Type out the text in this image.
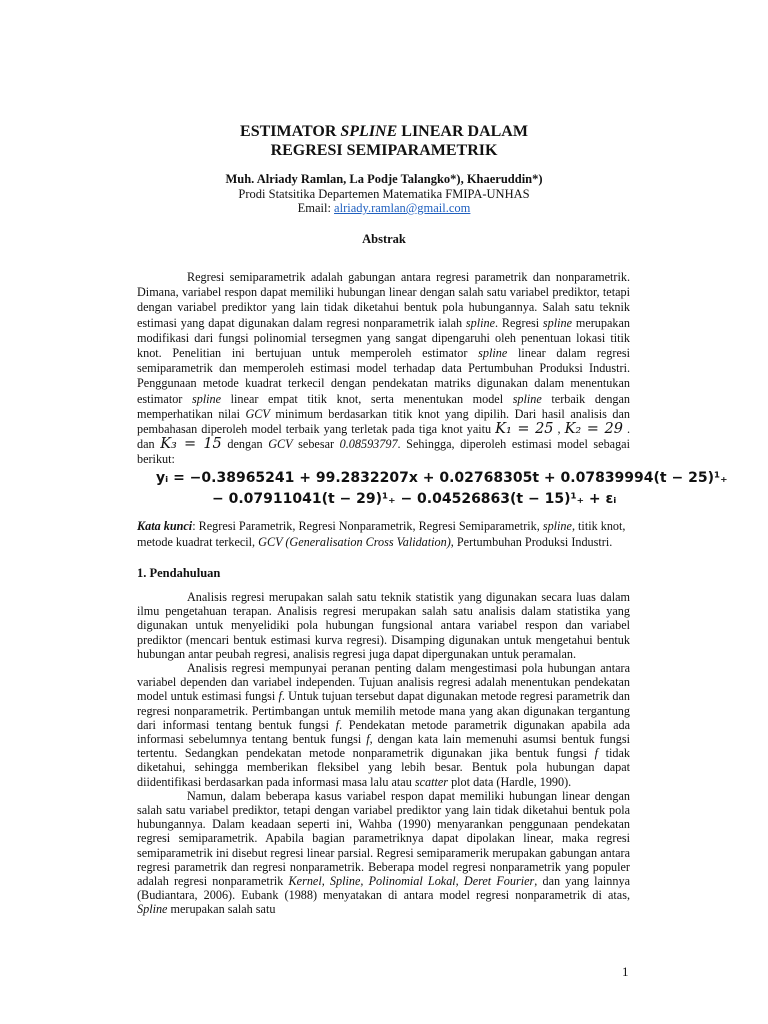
ESTIMATOR SPLINE LINEAR DALAM
REGRESI SEMIPARAMETRIK
Muh. Alriady Ramlan, La Podje Talangko*), Khaeruddin*)
Prodi Statsitika Departemen Matematika FMIPA-UNHAS
Email: alriady.ramlan@gmail.com
Abstrak

Regresi semiparametrik adalah gabungan antara regresi parametrik dan nonparametrik. Dimana, variabel respon dapat memiliki hubungan linear dengan salah satu variabel prediktor, tetapi dengan variabel prediktor yang lain tidak diketahui bentuk pola hubungannya. Salah satu teknik estimasi yang dapat digunakan dalam regresi nonparametrik ialah spline. Regresi spline merupakan modifikasi dari fungsi polinomial tersegmen yang sangat dipengaruhi oleh penentuan lokasi titik knot. Penelitian ini bertujuan untuk memperoleh estimator spline linear dalam regresi semiparametrik dan memperoleh estimasi model terhadap data Pertumbuhan Produksi Industri. Penggunaan metode kuadrat terkecil dengan pendekatan matriks digunakan dalam menentukan estimator spline linear empat titik knot, serta menentukan model spline terbaik dengan memperhatikan nilai GCV minimum berdasarkan titik knot yang dipilih. Dari hasil analisis dan pembahasan diperoleh model terbaik yang terletak pada tiga knot yaitu K₁ = 25 , K₂ = 29 . dan K₃ = 15 dengan GCV sebesar 0.08593797. Sehingga, diperoleh estimasi model sebagai berikut:

yᵢ = −0.38965241 + 99.2832207x + 0.02768305t + 0.07839994(t − 25)¹₊
− 0.07911041(t − 29)¹₊ − 0.04526863(t − 15)¹₊ + εᵢ

Kata kunci: Regresi Parametrik, Regresi Nonparametrik, Regresi Semiparametrik, spline, titik knot, metode kuadrat terkecil, GCV (Generalisation Cross Validation), Pertumbuhan Produksi Industri.

1. Pendahuluan

Analisis regresi merupakan salah satu teknik statistik yang digunakan secara luas dalam ilmu pengetahuan terapan. Analisis regresi merupakan salah satu analisis dalam statistika yang digunakan untuk menyelidiki pola hubungan fungsional antara variabel respon dan variabel prediktor (mencari bentuk estimasi kurva regresi). Disamping digunakan untuk mengetahui bentuk hubungan antar peubah regresi, analisis regresi juga dapat dipergunakan untuk peramalan.

Analisis regresi mempunyai peranan penting dalam mengestimasi pola hubungan antara variabel dependen dan variabel independen. Tujuan analisis regresi adalah menentukan pendekatan model untuk estimasi fungsi f. Untuk tujuan tersebut dapat digunakan metode regresi parametrik dan regresi nonparametrik. Pertimbangan untuk memilih metode mana yang akan digunakan tergantung dari informasi tentang bentuk fungsi f. Pendekatan metode parametrik digunakan apabila ada informasi sebelumnya tentang bentuk fungsi f, dengan kata lain memenuhi asumsi bentuk fungsi tertentu. Sedangkan pendekatan metode nonparametrik digunakan jika bentuk fungsi f tidak diketahui, sehingga memberikan fleksibel yang lebih besar. Bentuk pola hubungan dapat diidentifikasi berdasarkan pada informasi masa lalu atau scatter plot data (Hardle, 1990).

Namun, dalam beberapa kasus variabel respon dapat memiliki hubungan linear dengan salah satu variabel prediktor, tetapi dengan variabel prediktor yang lain tidak diketahui bentuk pola hubungannya. Dalam keadaan seperti ini, Wahba (1990) menyarankan penggunaan pendekatan regresi semiparametrik. Apabila bagian parametriknya dapat dipolakan linear, maka regresi semiparametrik ini disebut regresi linear parsial. Regresi semiparamerik merupakan gabungan antara regresi parametrik dan regresi nonparametrik. Beberapa model regresi nonparametrik yang populer adalah regresi nonparametrik Kernel, Spline, Polinomial Lokal, Deret Fourier, dan yang lainnya (Budiantara, 2006). Eubank (1988) menyatakan di antara model regresi nonparametrik di atas, Spline merupakan salah satu

1
